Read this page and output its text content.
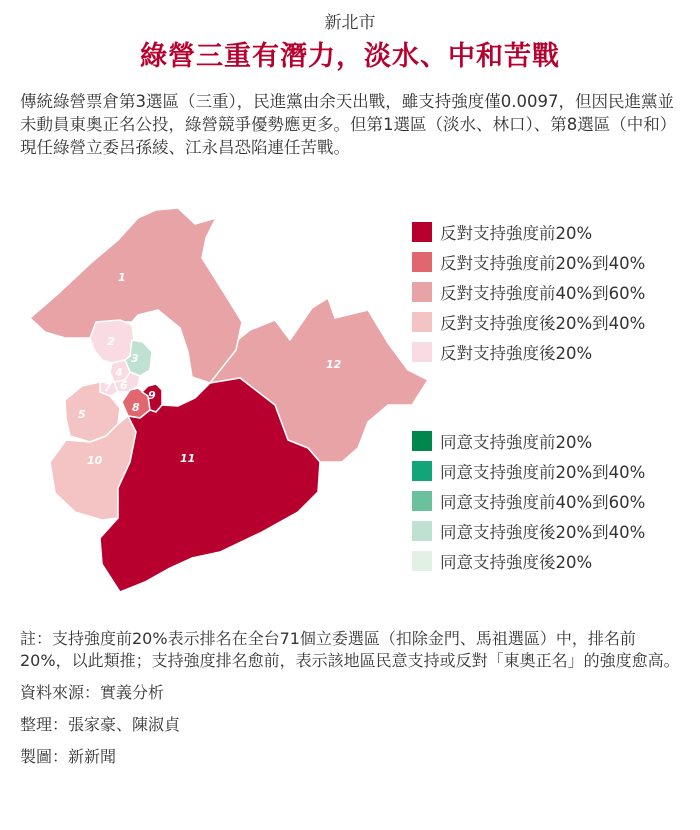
新北市
綠營三重有潛力，淡水、中和苦戰

傳統綠營票倉第3選區（三重），民進黨由余天出戰，雖支持強度僅0.0097，但因民進黨並未動員東奧正名公投，綠營競爭優勢應更多。但第1選區（淡水、林口）、第8選區（中和）現任綠營立委呂孫綾、江永昌恐陷連任苦戰。

1
2
3
4
5
6
7
8
9
10	11
12
反對支持強度前20%
反對支持強度前20%到40%
反對支持強度前40%到60%
反對支持強度後20%到40%
反對支持強度後20%
同意支持強度前20%
同意支持強度前20%到40%
同意支持強度前40%到60%
同意支持強度後20%到40%
同意支持強度後20%

註：支持強度前20%表示排名在全台71個立委選區（扣除金門、馬祖選區）中，排名前20%，以此類推；支持強度排名愈前，表示該地區民意支持或反對「東奧正名」的強度愈高。

資料來源：實義分析

整理：張家豪、陳淑貞

製圖：新新聞
